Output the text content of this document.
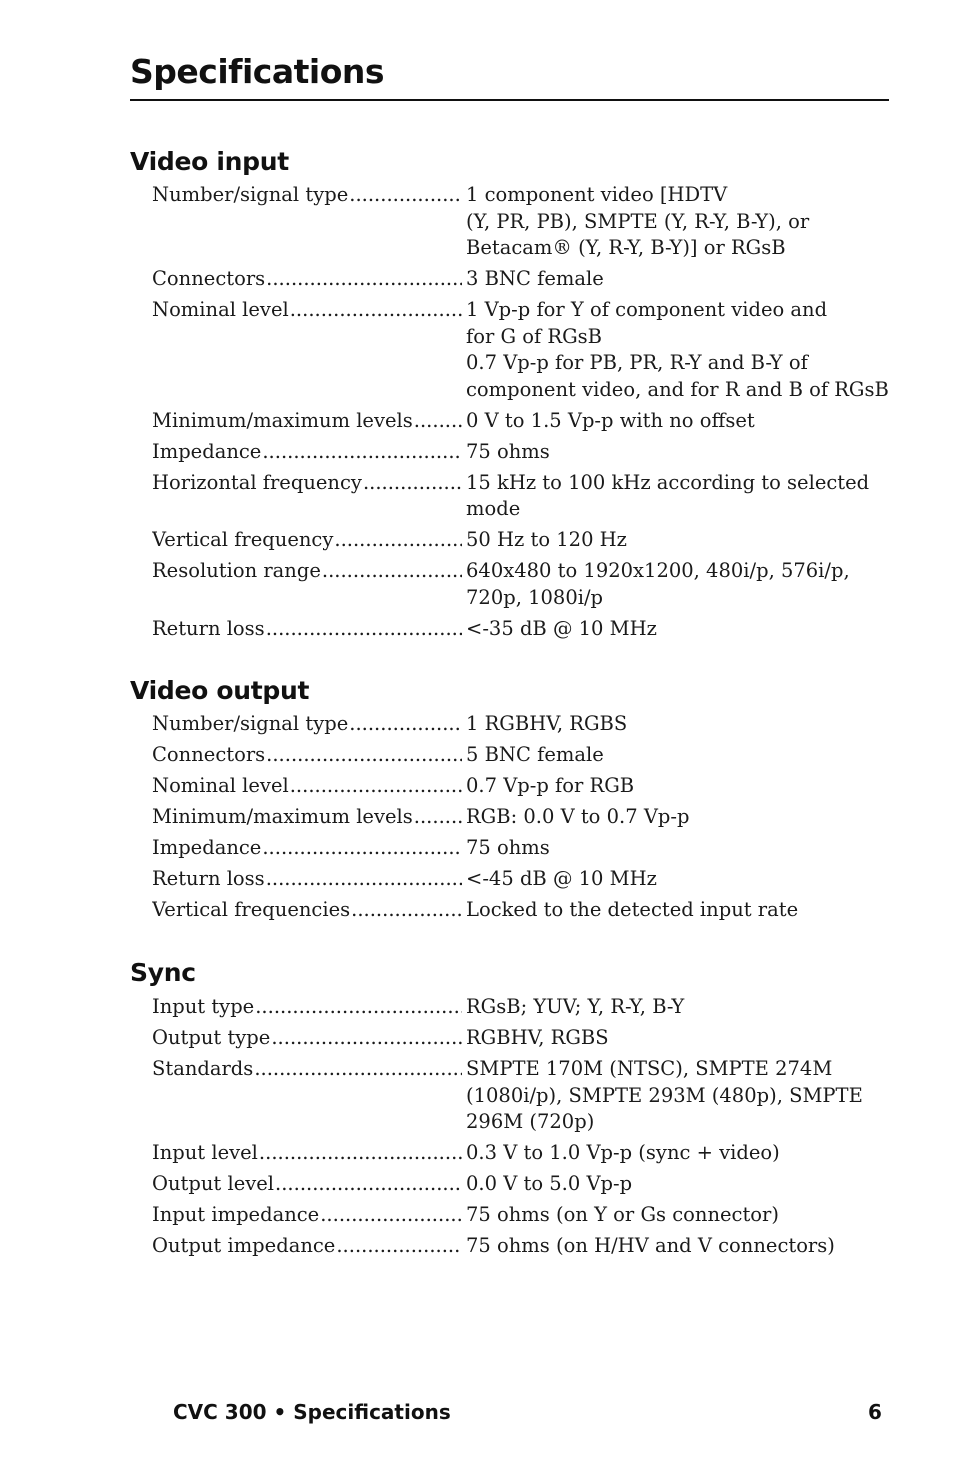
Specifications
Video input
Number/signal type .....	1 component video [HDTV
(Y, PR, PB), SMPTE (Y, R-Y, B-Y), or
Betacam® (Y, R-Y, B-Y)] or RGsB
Connectors .....	3 BNC female
Nominal level .....	1 Vp-p for Y of component video and
for G of RGsB
0.7 Vp-p for PB, PR, R-Y and B-Y of
component video, and for R and B of RGsB
Minimum/maximum levels .....	0 V to 1.5 Vp-p with no offset
Impedance .....	75 ohms
Horizontal frequency .....	15 kHz to 100 kHz according to selected
mode
Vertical frequency .....	50 Hz to 120 Hz
Resolution range .....	640x480 to 1920x1200, 480i/p, 576i/p,
720p, 1080i/p
Return loss .....	<-35 dB @ 10 MHz
Video output
Number/signal type .....	1 RGBHV, RGBS
Connectors .....	5 BNC female
Nominal level .....	0.7 Vp-p for RGB
Minimum/maximum levels .....	RGB: 0.0 V to 0.7 Vp-p
Impedance .....	75 ohms
Return loss .....	<-45 dB @ 10 MHz
Vertical frequencies .....	Locked to the detected input rate
Sync
Input type .....	RGsB; YUV; Y, R-Y, B-Y
Output type .....	RGBHV, RGBS
Standards .....	SMPTE 170M (NTSC), SMPTE 274M
(1080i/p), SMPTE 293M (480p), SMPTE
296M (720p)
Input level .....	0.3 V to 1.0 Vp-p (sync + video)
Output level .....	0.0 V to 5.0 Vp-p
Input impedance .....	75 ohms (on Y or Gs connector)
Output impedance .....	75 ohms (on H/HV and V connectors)
CVC 300 • Specifications	6
